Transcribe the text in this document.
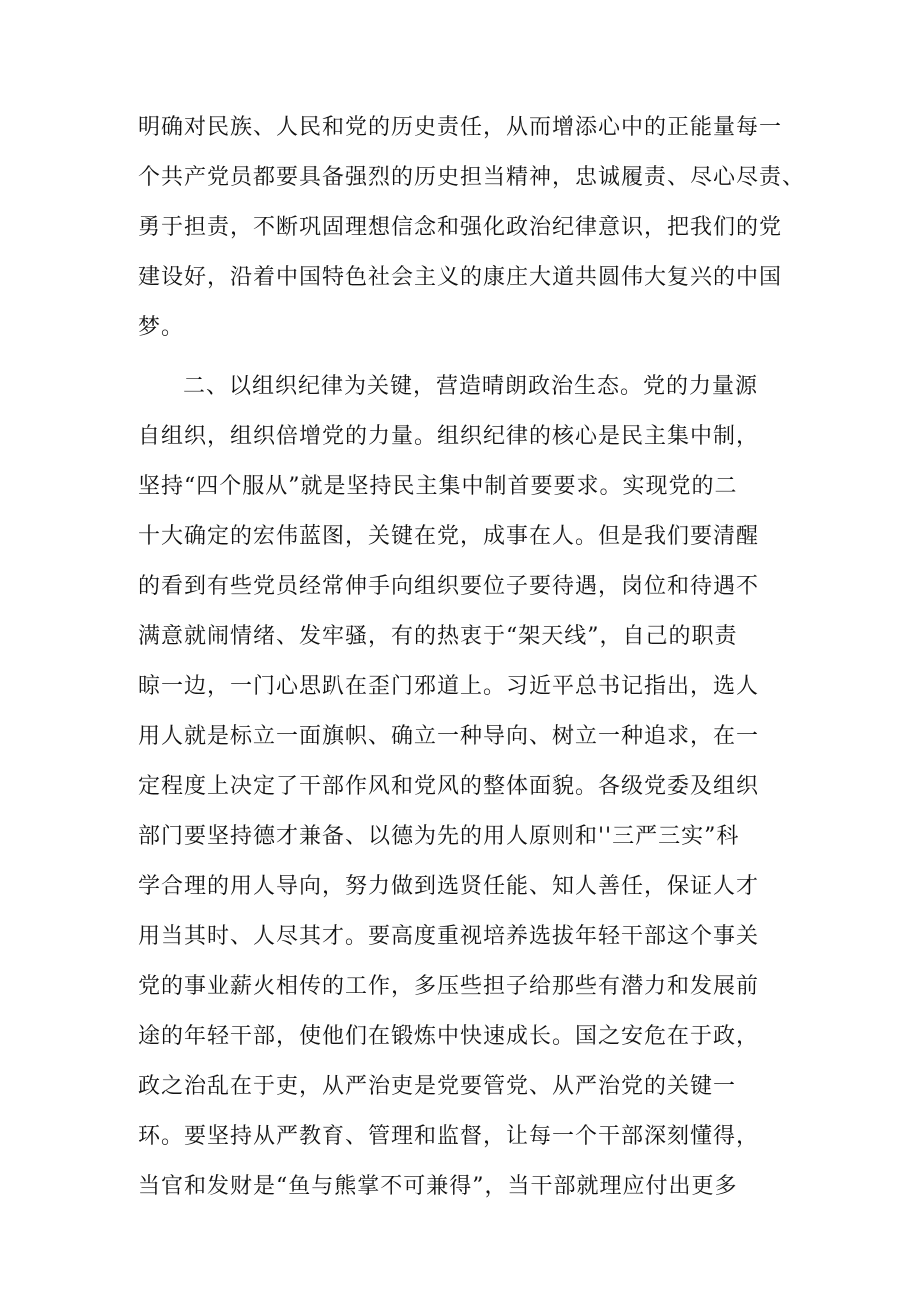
明确对民族、人民和党的历史责任，从而增添心中的正能量每一

个共产党员都要具备强烈的历史担当精神，忠诚履责、尽心尽责、

勇于担责，不断巩固理想信念和强化政治纪律意识，把我们的党

建设好，沿着中国特色社会主义的康庄大道共圆伟大复兴的中国

梦。

二、以组织纪律为关键，营造晴朗政治生态。党的力量源

自组织，组织倍增党的力量。组织纪律的核心是民主集中制，

坚持“四个服从”就是坚持民主集中制首要要求。实现党的二

十大确定的宏伟蓝图，关键在党，成事在人。但是我们要清醒

的看到有些党员经常伸手向组织要位子要待遇，岗位和待遇不

满意就闹情绪、发牢骚，有的热衷于“架天线”，自己的职责

晾一边，一门心思趴在歪门邪道上。习近平总书记指出，选人

用人就是标立一面旗帜、确立一种导向、树立一种追求，在一

定程度上决定了干部作风和党风的整体面貌。各级党委及组织

部门要坚持德才兼备、以德为先的用人原则和''三严三实”科

学合理的用人导向，努力做到选贤任能、知人善任，保证人才

用当其时、人尽其才。要高度重视培养选拔年轻干部这个事关

党的事业薪火相传的工作，多压些担子给那些有潜力和发展前

途的年轻干部，使他们在锻炼中快速成长。国之安危在于政，

政之治乱在于吏，从严治吏是党要管党、从严治党的关键一

环。要坚持从严教育、管理和监督，让每一个干部深刻懂得，

当官和发财是“鱼与熊掌不可兼得”，当干部就理应付出更多
